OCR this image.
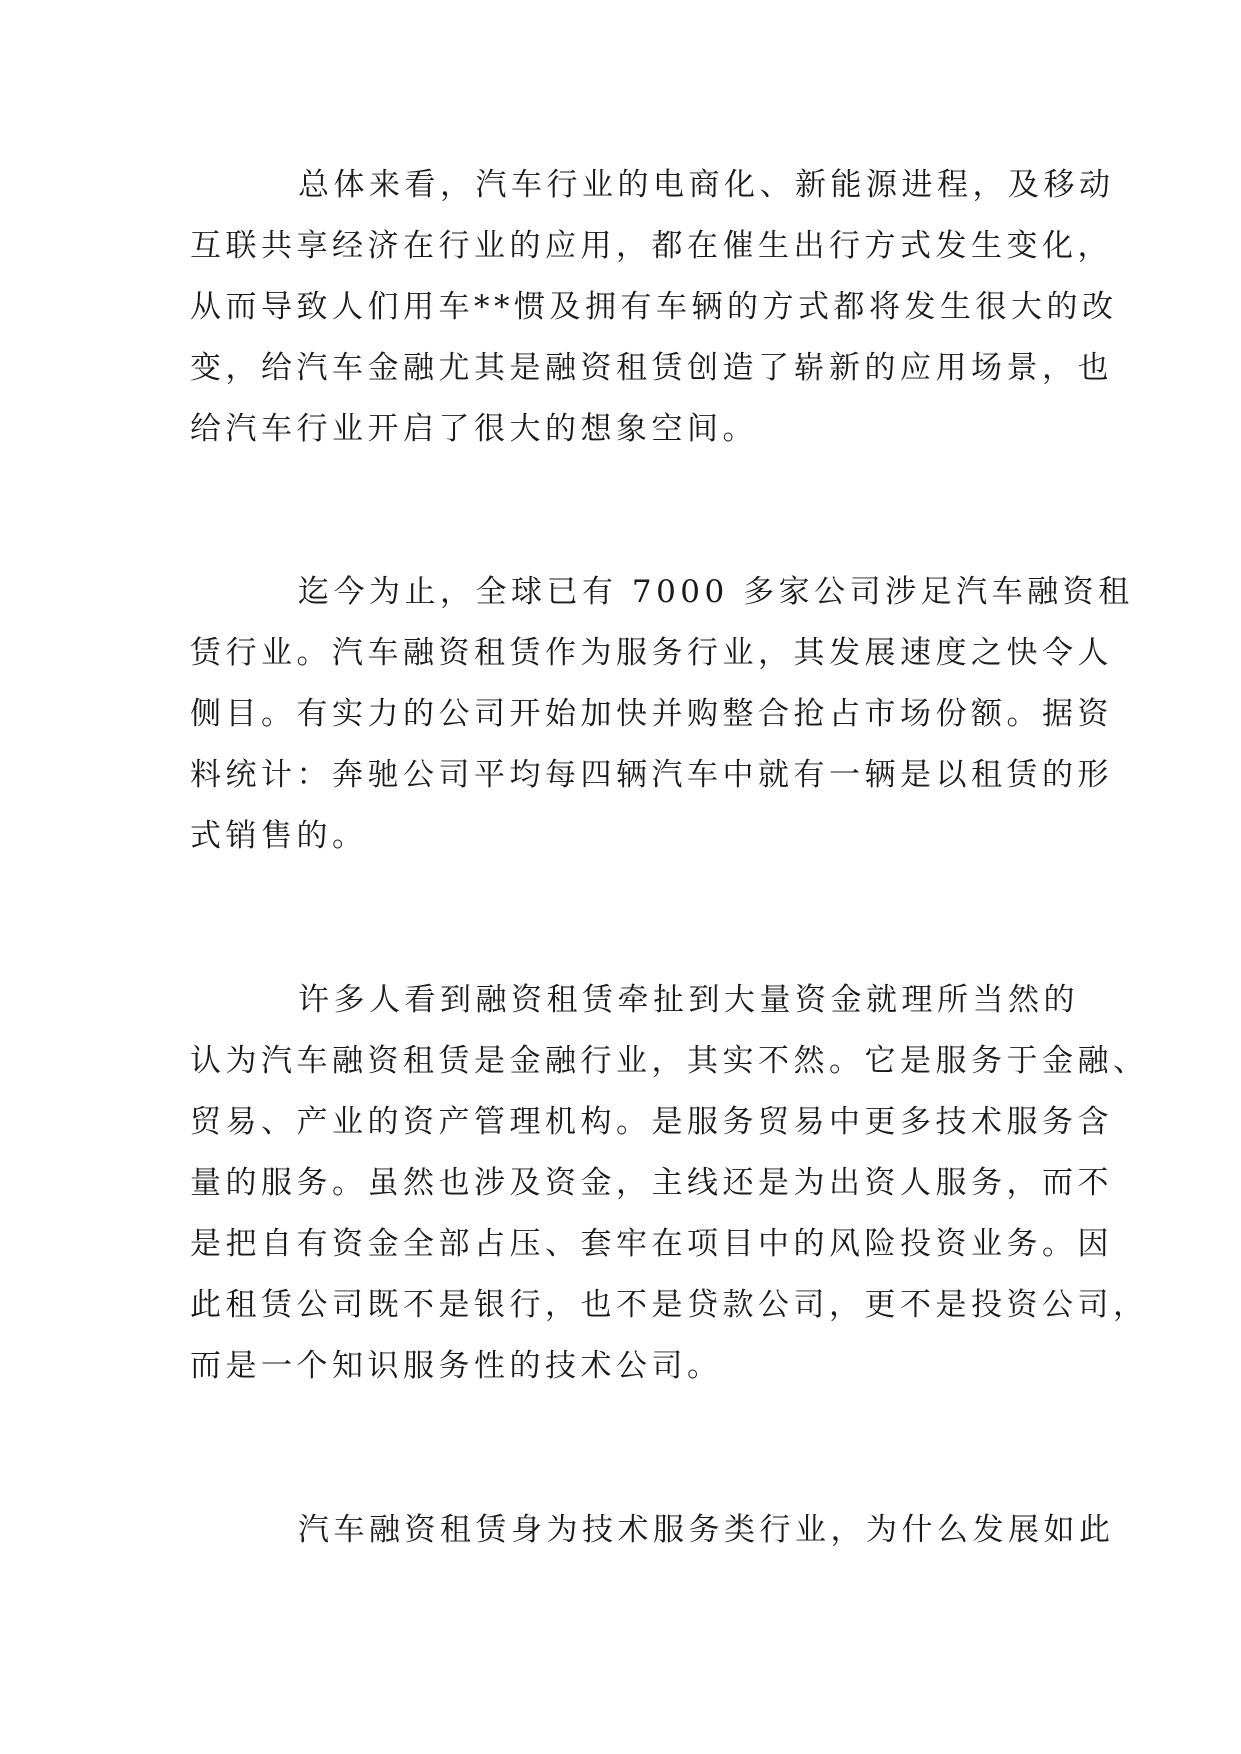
总体来看，汽车行业的电商化、新能源进程，及移动
互联共享经济在行业的应用，都在催生出行方式发生变化，
从而导致人们用车**惯及拥有车辆的方式都将发生很大的改
变，给汽车金融尤其是融资租赁创造了崭新的应用场景，也
给汽车行业开启了很大的想象空间。

迄今为止，全球已有 7000 多家公司涉足汽车融资租
赁行业。汽车融资租赁作为服务行业，其发展速度之快令人
侧目。有实力的公司开始加快并购整合抢占市场份额。据资
料统计：奔驰公司平均每四辆汽车中就有一辆是以租赁的形
式销售的。

许多人看到融资租赁牵扯到大量资金就理所当然的
认为汽车融资租赁是金融行业，其实不然。它是服务于金融、
贸易、产业的资产管理机构。是服务贸易中更多技术服务含
量的服务。虽然也涉及资金，主线还是为出资人服务，而不
是把自有资金全部占压、套牢在项目中的风险投资业务。因
此租赁公司既不是银行，也不是贷款公司，更不是投资公司，
而是一个知识服务性的技术公司。

汽车融资租赁身为技术服务类行业，为什么发展如此
